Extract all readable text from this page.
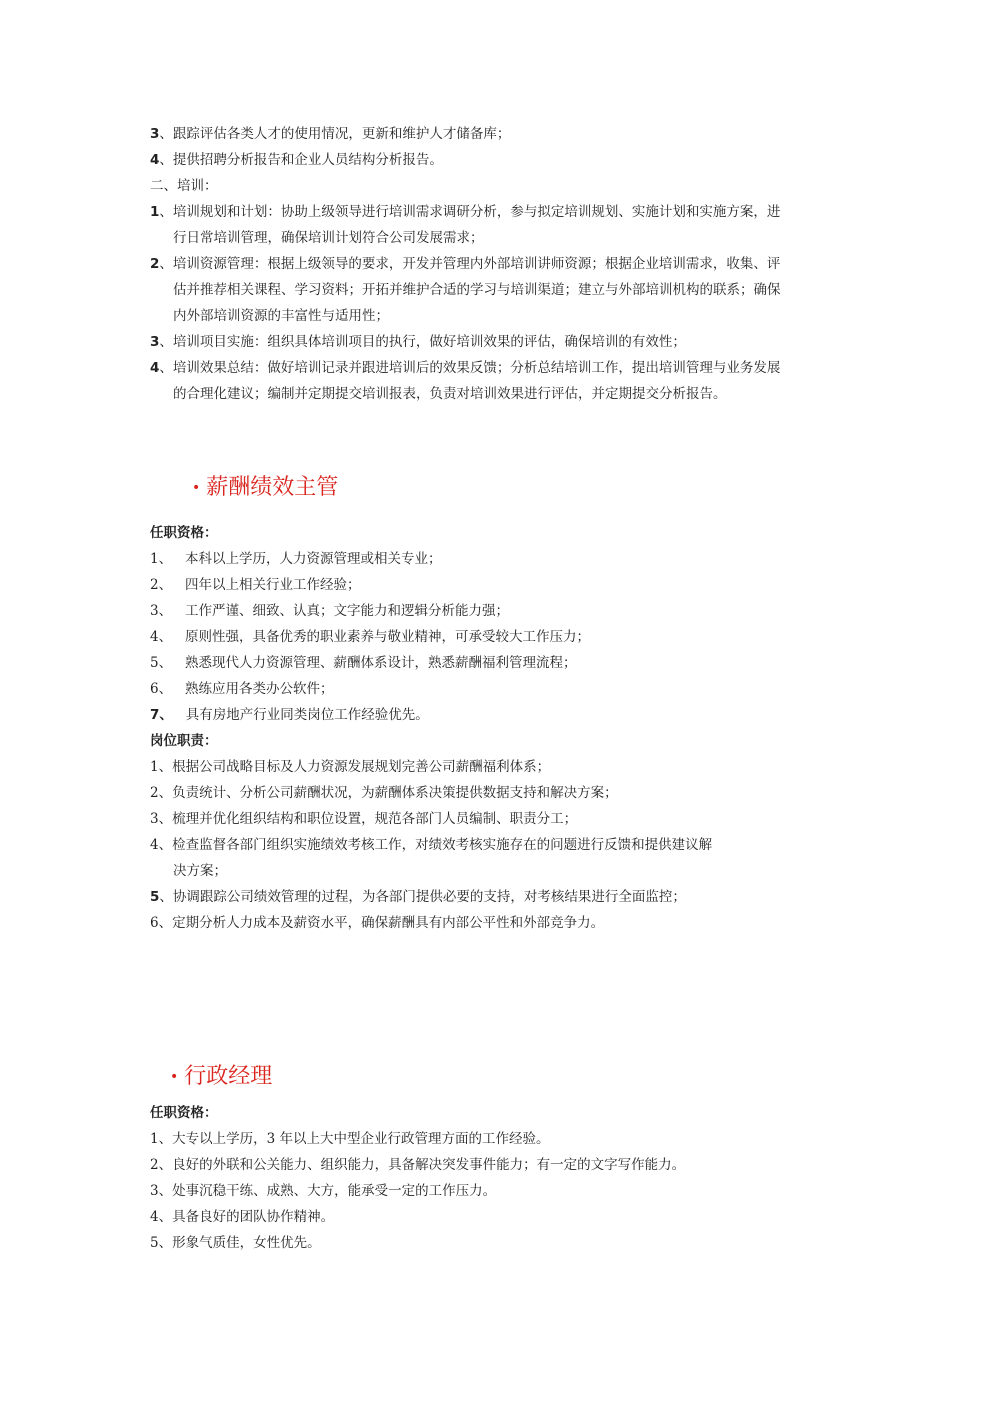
3、跟踪评估各类人才的使用情况，更新和维护人才储备库；
4、提供招聘分析报告和企业人员结构分析报告。
二、培训：
1、培训规划和计划：协助上级领导进行培训需求调研分析，参与拟定培训规划、实施计划和实施方案，进
行日常培训管理，确保培训计划符合公司发展需求；
2、培训资源管理：根据上级领导的要求，开发并管理内外部培训讲师资源；根据企业培训需求，收集、评
估并推荐相关课程、学习资料；开拓并维护合适的学习与培训渠道；建立与外部培训机构的联系；确保
内外部培训资源的丰富性与适用性；
3、培训项目实施：组织具体培训项目的执行，做好培训效果的评估，确保培训的有效性；
4、培训效果总结：做好培训记录并跟进培训后的效果反馈；分析总结培训工作，提出培训管理与业务发展
的合理化建议；编制并定期提交培训报表，负责对培训效果进行评估，并定期提交分析报告。
• 薪酬绩效主管
任职资格：
1、 本科以上学历，人力资源管理或相关专业；
2、 四年以上相关行业工作经验；
3、 工作严谨、细致、认真；文字能力和逻辑分析能力强；
4、 原则性强，具备优秀的职业素养与敬业精神，可承受较大工作压力；
5、 熟悉现代人力资源管理、薪酬体系设计，熟悉薪酬福利管理流程；
6、 熟练应用各类办公软件；
7、 具有房地产行业同类岗位工作经验优先。
岗位职责：
1、根据公司战略目标及人力资源发展规划完善公司薪酬福利体系；
2、负责统计、分析公司薪酬状况，为薪酬体系决策提供数据支持和解决方案；
3、梳理并优化组织结构和职位设置，规范各部门人员编制、职责分工；
4、检查监督各部门组织实施绩效考核工作，对绩效考核实施存在的问题进行反馈和提供建议解
决方案；
5、协调跟踪公司绩效管理的过程，为各部门提供必要的支持，对考核结果进行全面监控；
6、定期分析人力成本及薪资水平，确保薪酬具有内部公平性和外部竞争力。
• 行政经理
任职资格：
1、大专以上学历，3 年以上大中型企业行政管理方面的工作经验。
2、良好的外联和公关能力、组织能力，具备解决突发事件能力；有一定的文字写作能力。
3、处事沉稳干练、成熟、大方，能承受一定的工作压力。
4、具备良好的团队协作精神。
5、形象气质佳，女性优先。
